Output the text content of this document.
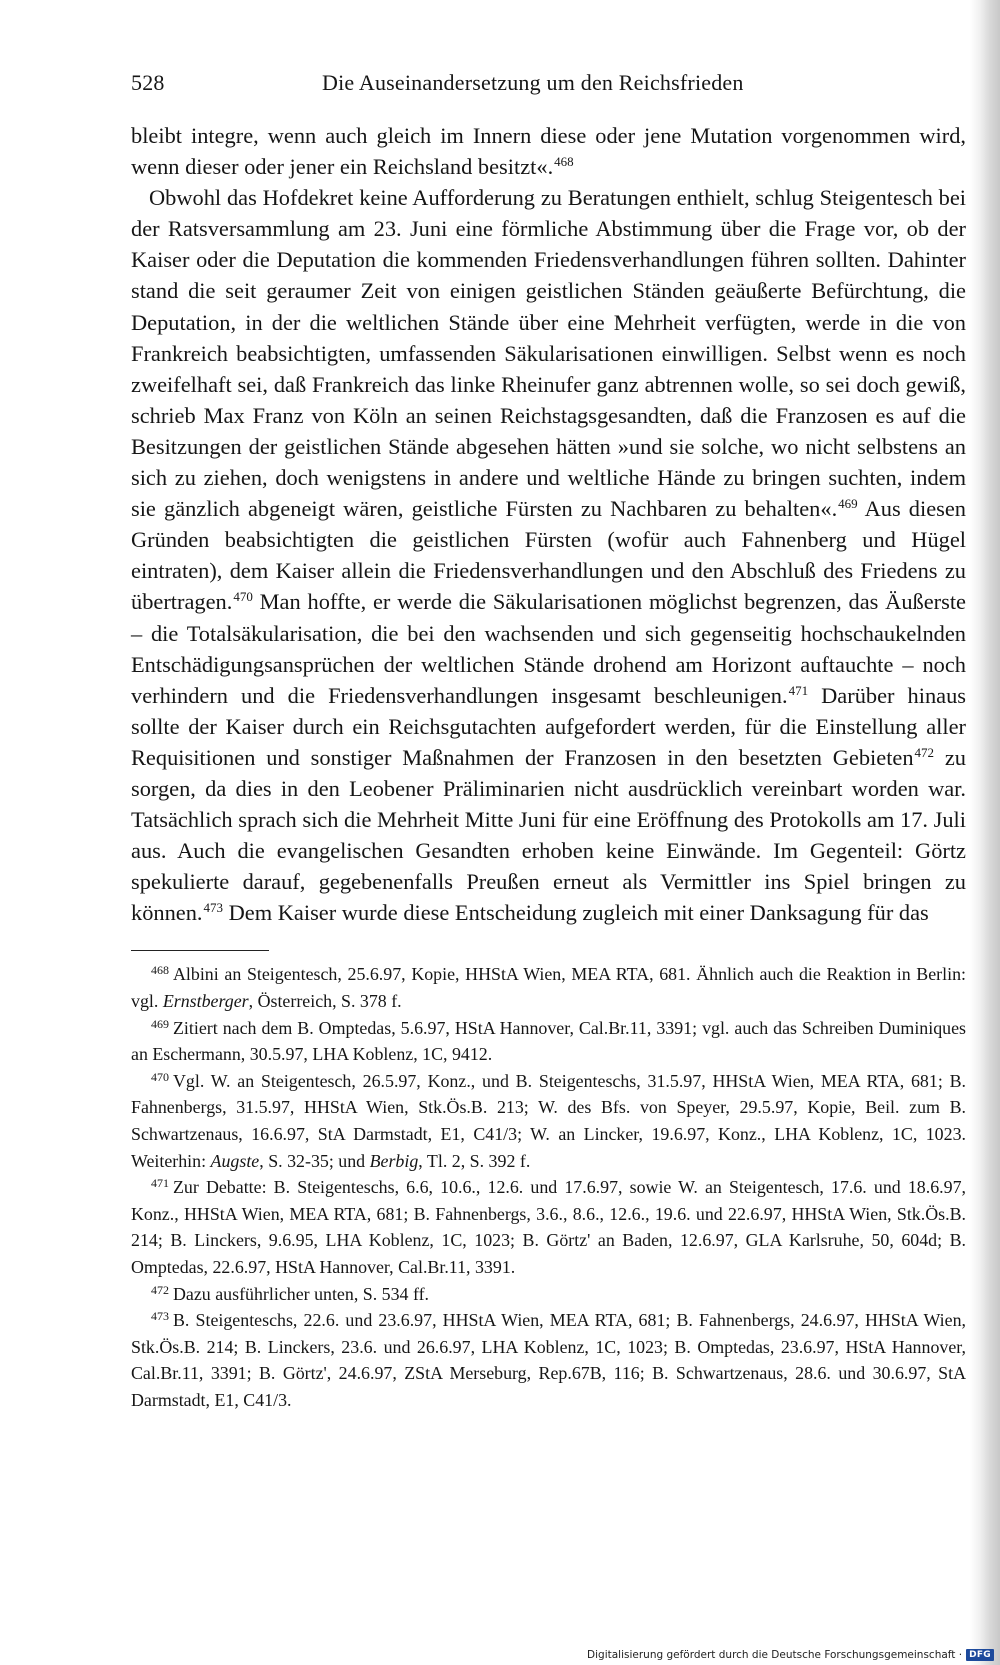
528	Die Auseinandersetzung um den Reichsfrieden

bleibt integre, wenn auch gleich im Innern diese oder jene Mutation vorgenommen wird, wenn dieser oder jener ein Reichsland besitzt«.$^{468}$

Obwohl das Hofdekret keine Aufforderung zu Beratungen enthielt, schlug Steigentesch bei der Ratsversammlung am 23. Juni eine förmliche Abstimmung über die Frage vor, ob der Kaiser oder die Deputation die kommenden Friedensverhandlungen führen sollten. Dahinter stand die seit geraumer Zeit von einigen geistlichen Ständen geäußerte Befürchtung, die Deputation, in der die weltlichen Stände über eine Mehrheit verfügten, werde in die von Frankreich beabsichtigten, umfassenden Säkularisationen einwilligen. Selbst wenn es noch zweifelhaft sei, daß Frankreich das linke Rheinufer ganz abtrennen wolle, so sei doch gewiß, schrieb Max Franz von Köln an seinen Reichstagsgesandten, daß die Franzosen es auf die Besitzungen der geistlichen Stände abgesehen hätten »und sie solche, wo nicht selbstens an sich zu ziehen, doch wenigstens in andere und weltliche Hände zu bringen suchten, indem sie gänzlich abgeneigt wären, geistliche Fürsten zu Nachbaren zu behalten«.$^{469}$ Aus diesen Gründen beabsichtigten die geistlichen Fürsten (wofür auch Fahnenberg und Hügel eintraten), dem Kaiser allein die Friedensverhandlungen und den Abschluß des Friedens zu übertragen.$^{470}$ Man hoffte, er werde die Säkularisationen möglichst begrenzen, das Äußerste – die Totalsäkularisation, die bei den wachsenden und sich gegenseitig hochschaukelnden Entschädigungsansprüchen der weltlichen Stände drohend am Horizont auftauchte – noch verhindern und die Friedensverhandlungen insgesamt beschleunigen.$^{471}$ Darüber hinaus sollte der Kaiser durch ein Reichsgutachten aufgefordert werden, für die Einstellung aller Requisitionen und sonstiger Maßnahmen der Franzosen in den besetzten Gebieten$^{472}$ zu sorgen, da dies in den Leobener Präliminarien nicht ausdrücklich vereinbart worden war. Tatsächlich sprach sich die Mehrheit Mitte Juni für eine Eröffnung des Protokolls am 17. Juli aus. Auch die evangelischen Gesandten erhoben keine Einwände. Im Gegenteil: Görtz spekulierte darauf, gegebenenfalls Preußen erneut als Vermittler ins Spiel bringen zu können.$^{473}$ Dem Kaiser wurde diese Entscheidung zugleich mit einer Danksagung für das

$^{468}$ Albini an Steigentesch, 25.6.97, Kopie, HHStA Wien, MEA RTA, 681. Ähnlich auch die Reaktion in Berlin: vgl. Ernstberger, Österreich, S. 378 f.

$^{469}$ Zitiert nach dem B. Omptedas, 5.6.97, HStA Hannover, Cal.Br.11, 3391; vgl. auch das Schreiben Duminiques an Eschermann, 30.5.97, LHA Koblenz, 1C, 9412.

$^{470}$ Vgl. W. an Steigentesch, 26.5.97, Konz., und B. Steigenteschs, 31.5.97, HHStA Wien, MEA RTA, 681; B. Fahnenbergs, 31.5.97, HHStA Wien, Stk.Ös.B. 213; W. des Bfs. von Speyer, 29.5.97, Kopie, Beil. zum B. Schwartzenaus, 16.6.97, StA Darmstadt, E1, C41/3; W. an Lincker, 19.6.97, Konz., LHA Koblenz, 1C, 1023. Weiterhin: Augste, S. 32-35; und Berbig, Tl. 2, S. 392 f.

$^{471}$ Zur Debatte: B. Steigenteschs, 6.6, 10.6., 12.6. und 17.6.97, sowie W. an Steigentesch, 17.6. und 18.6.97, Konz., HHStA Wien, MEA RTA, 681; B. Fahnenbergs, 3.6., 8.6., 12.6., 19.6. und 22.6.97, HHStA Wien, Stk.Ös.B. 214; B. Linckers, 9.6.95, LHA Koblenz, 1C, 1023; B. Görtz' an Baden, 12.6.97, GLA Karlsruhe, 50, 604d; B. Omptedas, 22.6.97, HStA Hannover, Cal.Br.11, 3391.

$^{472}$ Dazu ausführlicher unten, S. 534 ff.

$^{473}$ B. Steigenteschs, 22.6. und 23.6.97, HHStA Wien, MEA RTA, 681; B. Fahnenbergs, 24.6.97, HHStA Wien, Stk.Ös.B. 214; B. Linckers, 23.6. und 26.6.97, LHA Koblenz, 1C, 1023; B. Omptedas, 23.6.97, HStA Hannover, Cal.Br.11, 3391; B. Görtz', 24.6.97, ZStA Merseburg, Rep.67B, 116; B. Schwartzenaus, 28.6. und 30.6.97, StA Darmstadt, E1, C41/3.

Digitalisierung gefördert durch die Deutsche Forschungsgemeinschaft · DFG
